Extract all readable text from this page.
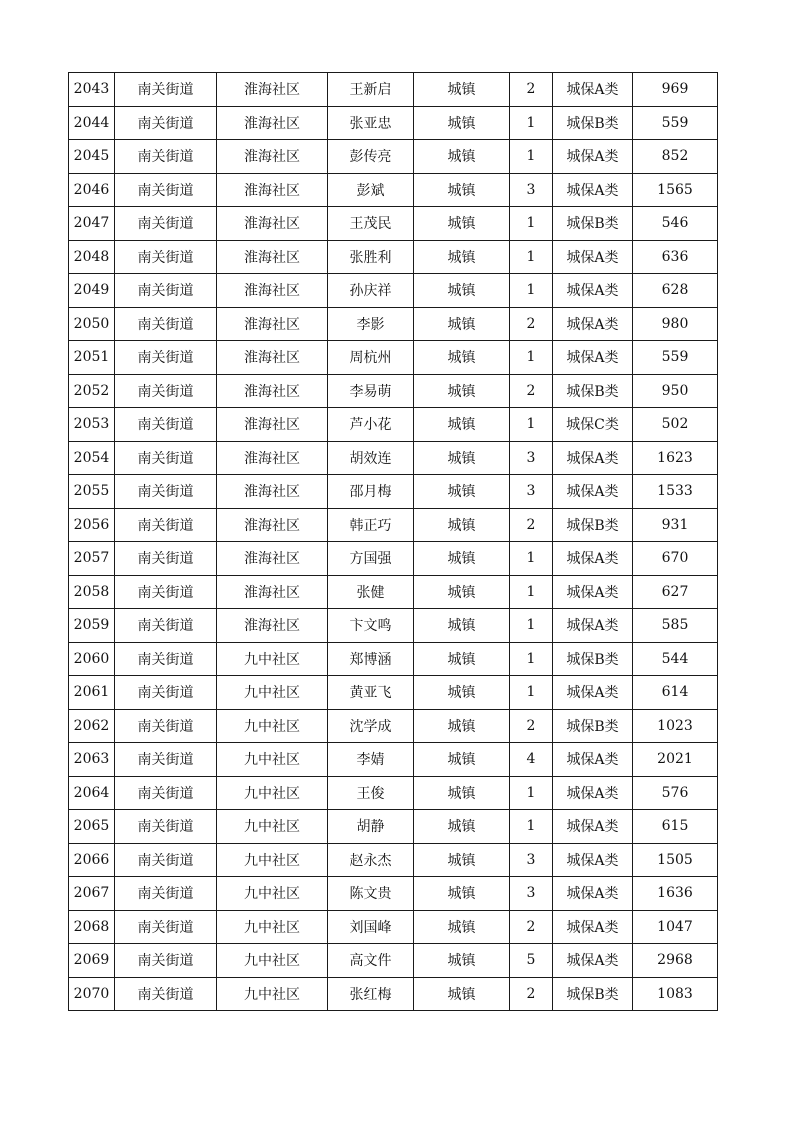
2043	南关街道	淮海社区	王新启	城镇	2	城保A类	969
2044	南关街道	淮海社区	张亚忠	城镇	1	城保B类	559
2045	南关街道	淮海社区	彭传亮	城镇	1	城保A类	852
2046	南关街道	淮海社区	彭斌	城镇	3	城保A类	1565
2047	南关街道	淮海社区	王茂民	城镇	1	城保B类	546
2048	南关街道	淮海社区	张胜利	城镇	1	城保A类	636
2049	南关街道	淮海社区	孙庆祥	城镇	1	城保A类	628
2050	南关街道	淮海社区	李影	城镇	2	城保A类	980
2051	南关街道	淮海社区	周杭州	城镇	1	城保A类	559
2052	南关街道	淮海社区	李易萌	城镇	2	城保B类	950
2053	南关街道	淮海社区	芦小花	城镇	1	城保C类	502
2054	南关街道	淮海社区	胡效连	城镇	3	城保A类	1623
2055	南关街道	淮海社区	邵月梅	城镇	3	城保A类	1533
2056	南关街道	淮海社区	韩正巧	城镇	2	城保B类	931
2057	南关街道	淮海社区	方国强	城镇	1	城保A类	670
2058	南关街道	淮海社区	张健	城镇	1	城保A类	627
2059	南关街道	淮海社区	卞文鸣	城镇	1	城保A类	585
2060	南关街道	九中社区	郑博涵	城镇	1	城保B类	544
2061	南关街道	九中社区	黄亚飞	城镇	1	城保A类	614
2062	南关街道	九中社区	沈学成	城镇	2	城保B类	1023
2063	南关街道	九中社区	李婧	城镇	4	城保A类	2021
2064	南关街道	九中社区	王俊	城镇	1	城保A类	576
2065	南关街道	九中社区	胡静	城镇	1	城保A类	615
2066	南关街道	九中社区	赵永杰	城镇	3	城保A类	1505
2067	南关街道	九中社区	陈文贵	城镇	3	城保A类	1636
2068	南关街道	九中社区	刘国峰	城镇	2	城保A类	1047
2069	南关街道	九中社区	高文件	城镇	5	城保A类	2968
2070	南关街道	九中社区	张红梅	城镇	2	城保B类	1083
